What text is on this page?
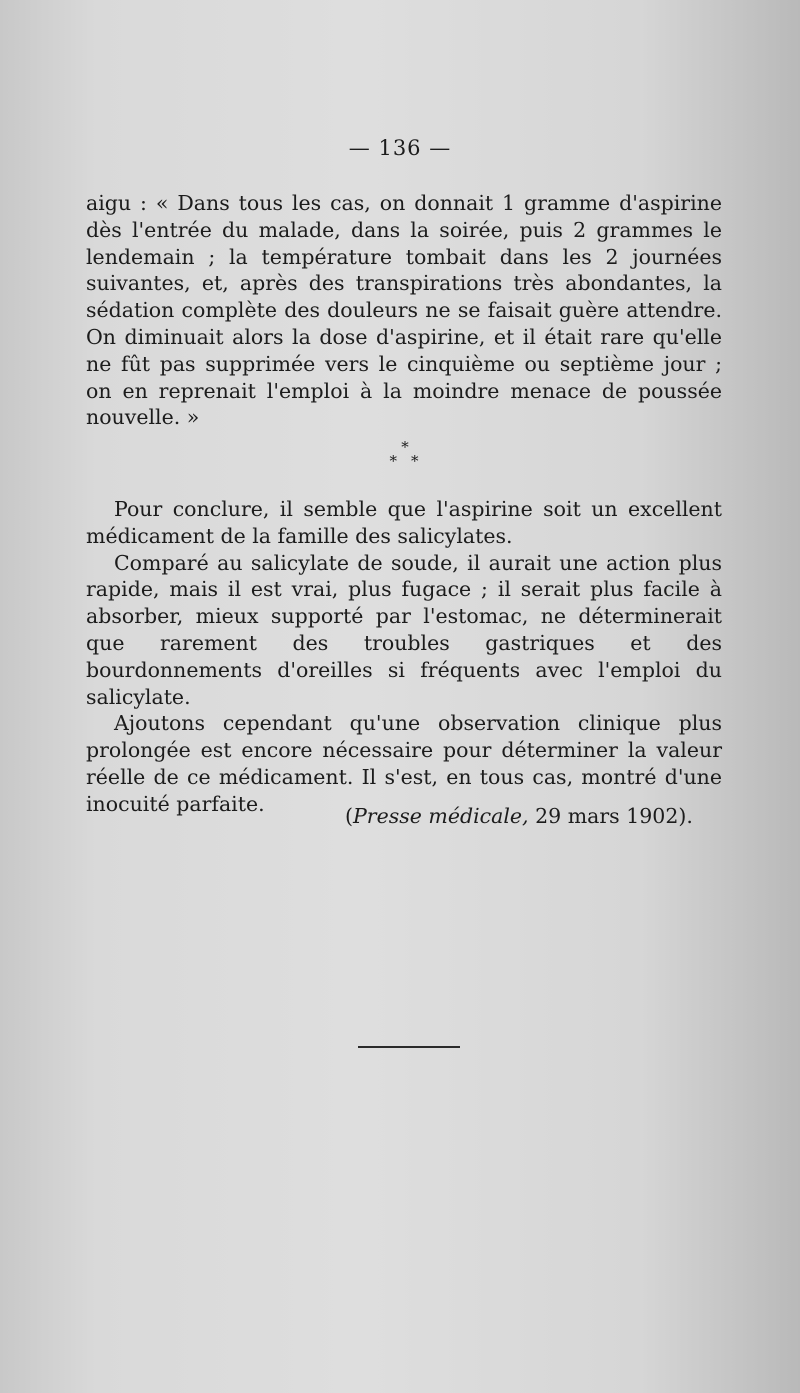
— 136 —
aigu : « Dans tous les cas, on donnait 1 gramme d'aspirine dès l'entrée du malade, dans la soirée, puis 2 grammes le lendemain ; la température tombait dans les 2 journées suivantes, et, après des transpirations très abondantes, la sédation complète des douleurs ne se faisait guère attendre. On diminuait alors la dose d'aspirine, et il était rare qu'elle ne fût pas supprimée vers le cinquième ou septième jour ; on en reprenait l'emploi à la moindre menace de poussée nouvelle. »
*
**

Pour conclure, il semble que l'aspirine soit un excellent médicament de la famille des salicylates.

Comparé au salicylate de soude, il aurait une action plus rapide, mais il est vrai, plus fugace ; il serait plus facile à absorber, mieux supporté par l'estomac, ne déterminerait que rarement des troubles gastriques et des bourdonnements d'oreilles si fréquents avec l'emploi du salicylate.

Ajoutons cependant qu'une observation clinique plus prolongée est encore nécessaire pour déterminer la valeur réelle de ce médicament. Il s'est, en tous cas, montré d'une inocuité parfaite.

(Presse médicale, 29 mars 1902).
